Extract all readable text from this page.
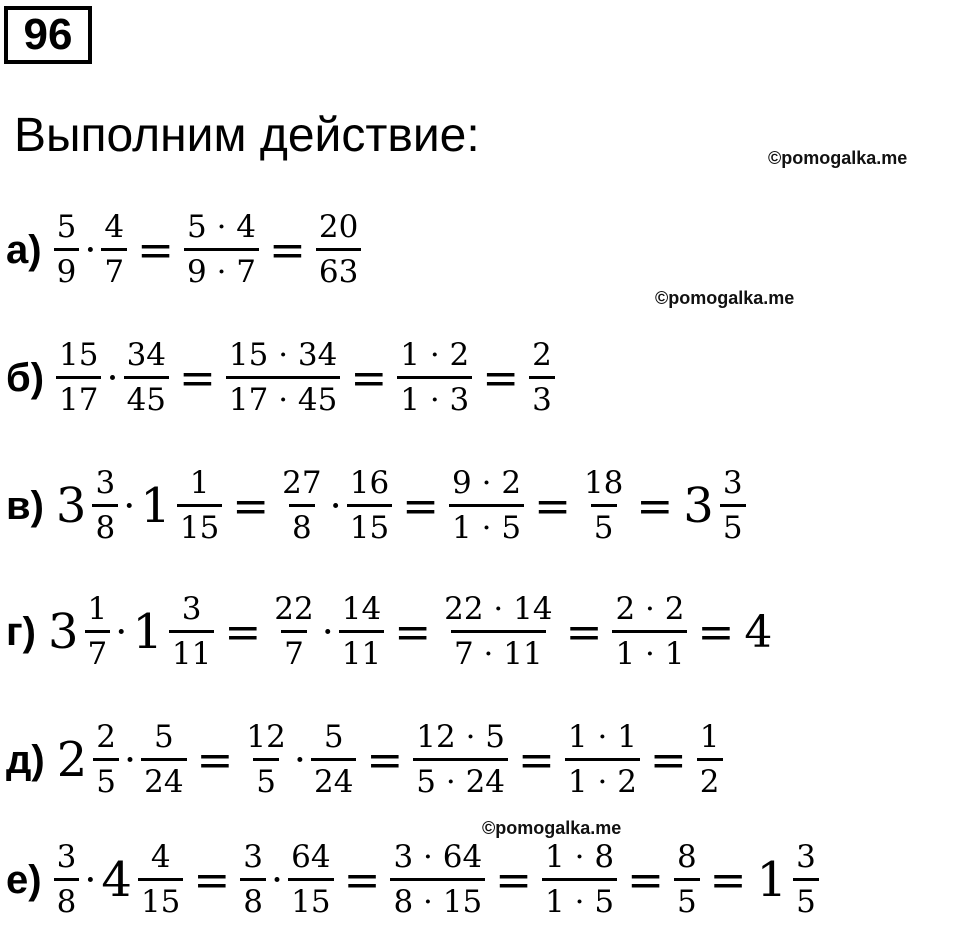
96
Выполним действие:	©pomogalka.me
©pomogalka.me
©pomogalka.me
$а) \frac{5}{9} \cdot \frac{4}{7} = \frac{5 \cdot 4}{9 \cdot 7} = \frac{20}{63}$
$б) \frac{15}{17} \cdot \frac{34}{45} = \frac{15 \cdot 34}{17 \cdot 45} = \frac{1 \cdot 2}{1 \cdot 3} = \frac{2}{3}$
в) $3 \frac{3}{8} \cdot 1 \frac{1}{15} = \frac{27}{8} \cdot \frac{16}{15} = \frac{9 \cdot 2}{1 \cdot 5} = \frac{18}{5} = 3 \frac{3}{5}$
г) $3 \frac{1}{7} \cdot 1 \frac{3}{11} = \frac{22}{7} \cdot \frac{14}{11} = \frac{22 \cdot 14}{7 \cdot 11} = \frac{2 \cdot 2}{1 \cdot 1} = 4$
д) $2 \frac{2}{5} \cdot \frac{5}{24} = \frac{12}{5} \cdot \frac{5}{24} = \frac{12 \cdot 5}{5 \cdot 24} = \frac{1 \cdot 1}{1 \cdot 2} = \frac{1}{2}$
$е) \frac{3}{8} \cdot 4 \frac{4}{15} = \frac{3}{8} \cdot \frac{64}{15} = \frac{3 \cdot 64}{8 \cdot 15} = \frac{1 \cdot 8}{1 \cdot 5} = \frac{8}{5} = 1 \frac{3}{5}$
